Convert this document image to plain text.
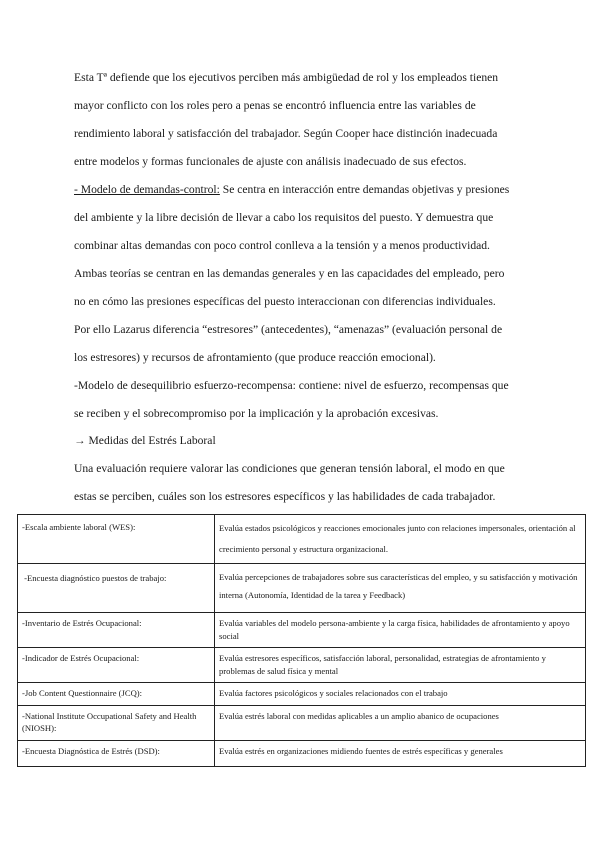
Esta Tª defiende que los ejecutivos perciben más ambigüedad de rol y los empleados tienen
mayor conflicto con los roles pero a penas se encontró influencia entre las variables de
rendimiento laboral y satisfacción del trabajador. Según Cooper hace distinción inadecuada
entre modelos y formas funcionales de ajuste con análisis inadecuado de sus efectos.
- Modelo de demandas-control: Se centra en interacción entre demandas objetivas y presiones
del ambiente y la libre decisión de llevar a cabo los requisitos del puesto. Y demuestra que
combinar altas demandas con poco control conlleva a la tensión y a menos productividad.
Ambas teorías se centran en las demandas generales y en las capacidades del empleado, pero
no en cómo las presiones específicas del puesto interaccionan con diferencias individuales.
Por ello Lazarus diferencia “estresores” (antecedentes), “amenazas” (evaluación personal de
los estresores) y recursos de afrontamiento (que produce reacción emocional).
-Modelo de desequilibrio esfuerzo-recompensa: contiene: nivel de esfuerzo, recompensas que
se reciben y el sobrecompromiso por la implicación y la aprobación excesivas.
→ Medidas del Estrés Laboral
Una evaluación requiere valorar las condiciones que generan tensión laboral, el modo en que
estas se perciben, cuáles son los estresores específicos y las habilidades de cada trabajador.
-Escala ambiente laboral (WES):	Evalúa estados psicológicos y reacciones emocionales junto con relaciones impersonales, orientación al crecimiento personal y estructura organizacional.
-Encuesta diagnóstico puestos de trabajo:	Evalúa percepciones de trabajadores sobre sus características del empleo, y su satisfacción y motivación interna (Autonomía, Identidad de la tarea y Feedback)
-Inventario de Estrés Ocupacional:	Evalúa variables del modelo persona-ambiente y la carga física, habilidades de afrontamiento y apoyo social
-Indicador de Estrés Ocupacional:	Evalúa estresores específicos, satisfacción laboral, personalidad, estrategias de afrontamiento y problemas de salud física y mental
-Job Content Questionnaire (JCQ):	Evalúa factores psicológicos y sociales relacionados con el trabajo
-National Institute Occupational Safety and Health (NIOSH):	Evalúa estrés laboral con medidas aplicables a un amplio abanico de ocupaciones
-Encuesta Diagnóstica de Estrés (DSD):	Evalúa estrés en organizaciones midiendo fuentes de estrés específicas y generales
